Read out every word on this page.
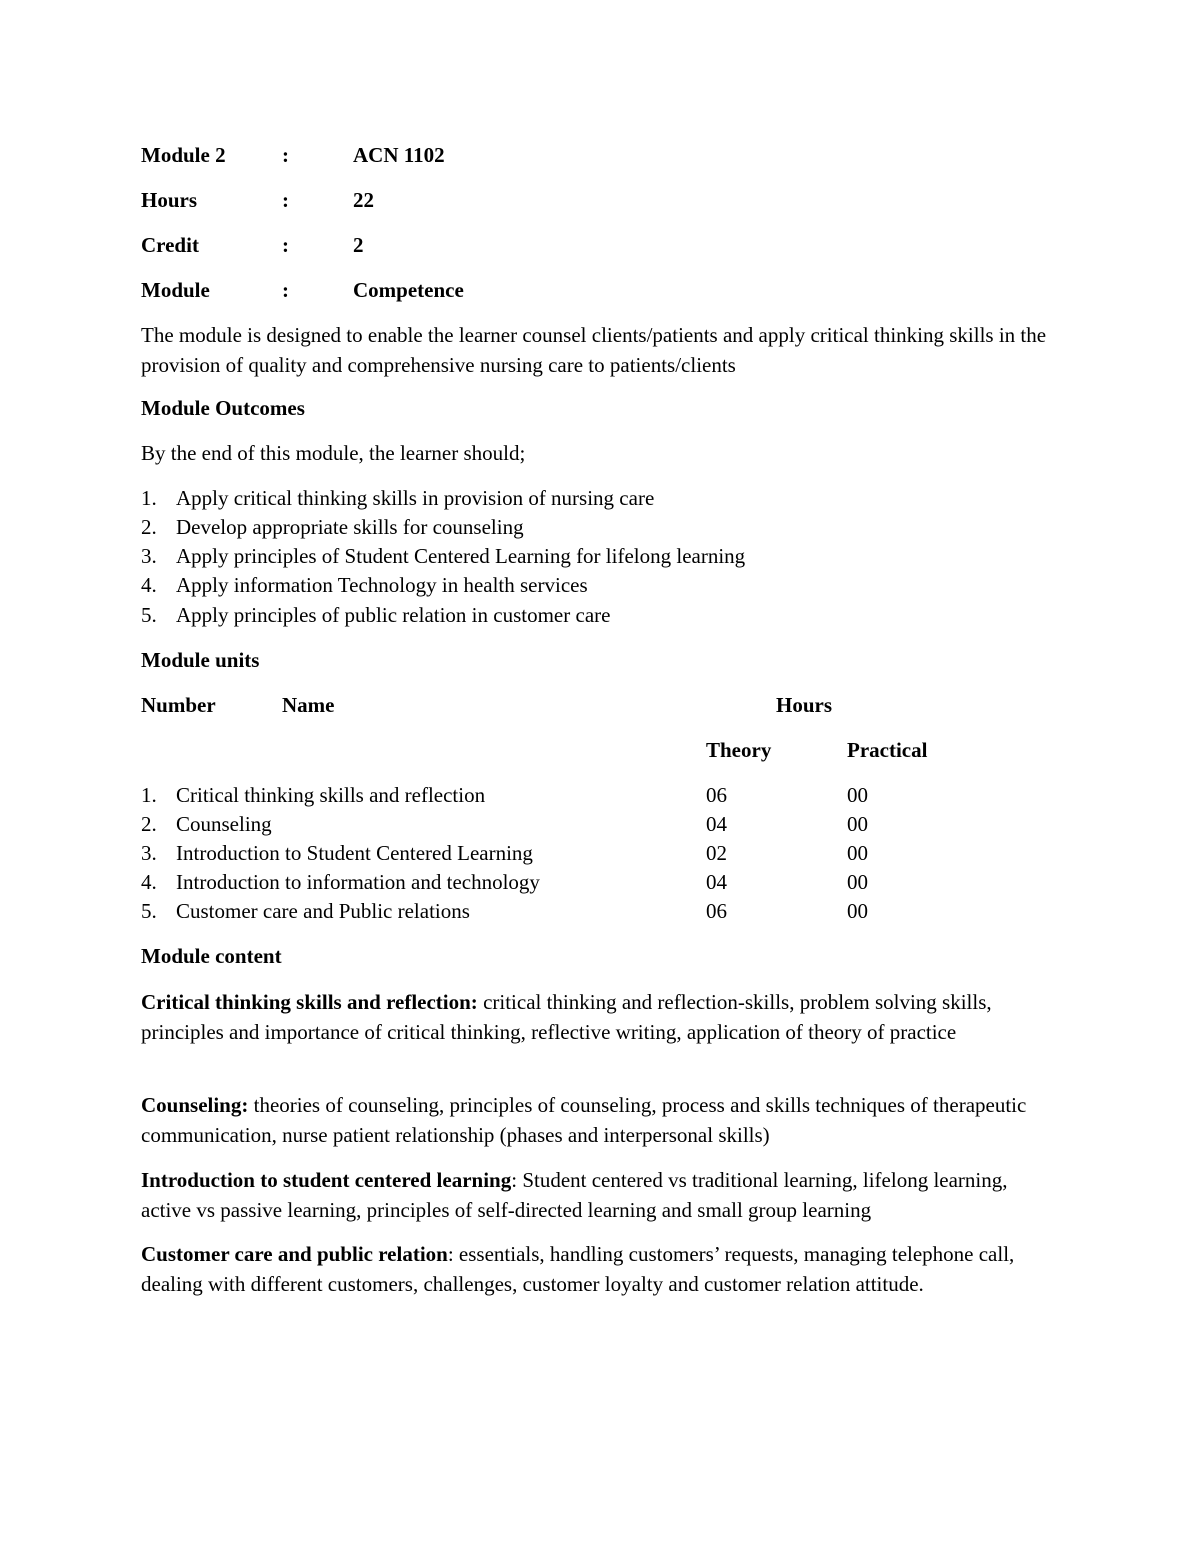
Module 2	:	ACN 1102
Hours	:	22
Credit	:	2
Module	:	Competence
The module is designed to enable the learner counsel clients/patients and apply critical thinking skills in the provision of quality and comprehensive nursing care to patients/clients
Module Outcomes
By the end of this module, the learner should;
1. Apply critical thinking skills in provision of nursing care
2. Develop appropriate skills for counseling
3. Apply principles of Student Centered Learning for lifelong learning
4. Apply information Technology in health services
5. Apply principles of public relation in customer care
Module units
Number	Name	Hours
Theory	Practical
1. Critical thinking skills and reflection	06	00
2. Counseling	04	00
3. Introduction to Student Centered Learning	02	00
4. Introduction to information and technology	04	00
5. Customer care and Public relations	06	00
Module content
Critical thinking skills and reflection: critical thinking and reflection-skills, problem solving skills, principles and importance of critical thinking, reflective writing, application of theory of practice
Counseling: theories of counseling, principles of counseling, process and skills techniques of therapeutic communication, nurse patient relationship (phases and interpersonal skills)
Introduction to student centered learning: Student centered vs traditional learning, lifelong learning, active vs passive learning, principles of self-directed learning and small group learning
Customer care and public relation: essentials, handling customers’ requests, managing telephone call, dealing with different customers, challenges, customer loyalty and customer relation attitude.
